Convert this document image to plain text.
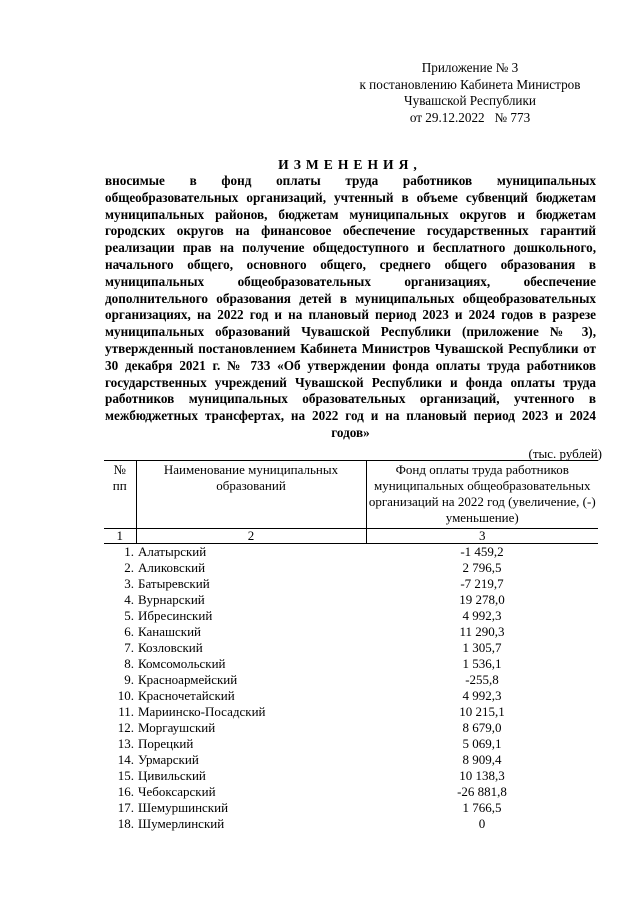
Приложение № 3
к постановлению Кабинета Министров
Чувашской Республики
от 29.12.2022   № 773
ИЗМЕНЕНИЯ,
вносимые в фонд оплаты труда работников муниципальных общеобразовательных организаций, учтенный в объеме субвенций бюджетам муниципальных районов, бюджетам муниципальных округов и бюджетам городских округов на финансовое обеспечение государственных гарантий реализации прав на получение общедоступного и бесплатного дошкольного, начального общего, основного общего, среднего общего образования в муниципальных общеобразовательных организациях, обеспечение дополнительного образования детей в муниципальных общеобразовательных организациях, на 2022 год и на плановый период 2023 и 2024 годов в разрезе муниципальных образований Чувашской Республики (приложение № 3), утвержденный постановлением Кабинета Министров Чувашской Республики от 30 декабря 2021 г. № 733 «Об утверждении фонда оплаты труда работников государственных учреждений Чувашской Республики и фонда оплаты труда работников муниципальных образовательных организаций, учтенного в межбюджетных трансфертах, на 2022 год и на плановый период 2023 и 2024 годов»
(тыс. рублей)
№ пп	Наименование муниципальных образований	Фонд оплаты труда работников муниципальных общеобразовательных организаций на 2022 год (увеличение, (-) уменьшение)
1	2	3
1.	Алатырский	-1 459,2
2.	Аликовский	2 796,5
3.	Батыревский	-7 219,7
4.	Вурнарский	19 278,0
5.	Ибресинский	4 992,3
6.	Канашский	11 290,3
7.	Козловский	1 305,7
8.	Комсомольский	1 536,1
9.	Красноармейский	-255,8
10.	Красночетайский	4 992,3
11.	Мариинско-Посадский	10 215,1
12.	Моргаушский	8 679,0
13.	Порецкий	5 069,1
14.	Урмарский	8 909,4
15.	Цивильский	10 138,3
16.	Чебоксарский	-26 881,8
17.	Шемуршинский	1 766,5
18.	Шумерлинский	0
